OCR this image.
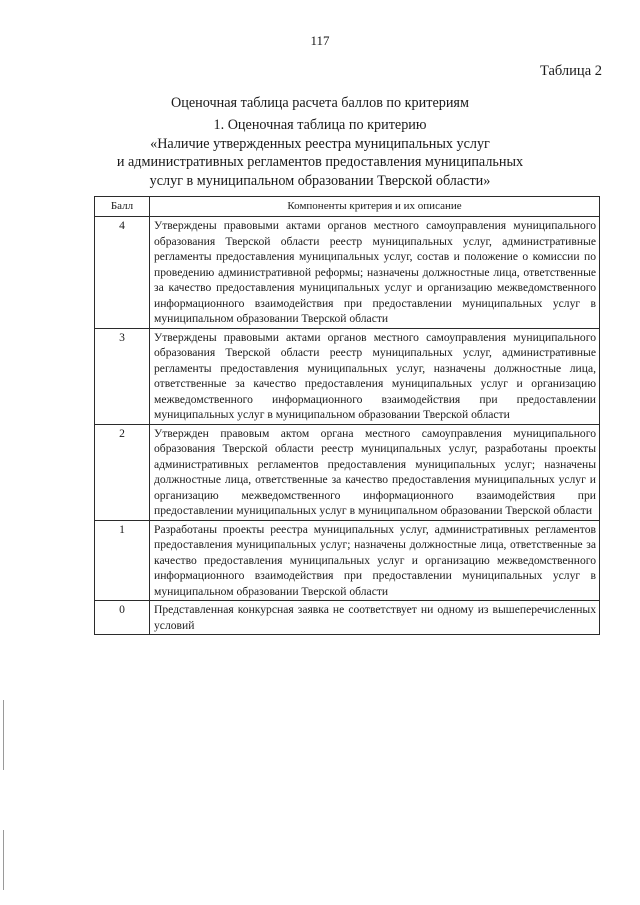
117
Таблица 2
Оценочная таблица расчета баллов по критериям
1. Оценочная таблица по критерию
«Наличие утвержденных реестра муниципальных услуг
и административных регламентов предоставления муниципальных
услуг в муниципальном образовании Тверской области»
Балл	Компоненты критерия и их описание
4	Утверждены правовыми актами органов местного самоуправления муниципального образования Тверской области реестр муниципальных услуг, административные регламенты предоставления муниципальных услуг, состав и положение о комиссии по проведению административной реформы; назначены должностные лица, ответственные за качество предоставления муниципальных услуг и организацию межведомственного информационного взаимодействия при предоставлении муниципальных услуг в муниципальном образовании Тверской области
3	Утверждены правовыми актами органов местного самоуправления муниципального образования Тверской области реестр муниципальных услуг, административные регламенты предоставления муниципальных услуг, назначены должностные лица, ответственные за качество предоставления муниципальных услуг и организацию межведомственного информационного взаимодействия при предоставлении муниципальных услуг в муниципальном образовании Тверской области
2	Утвержден правовым актом органа местного самоуправления муниципального образования Тверской области реестр муниципальных услуг, разработаны проекты административных регламентов предоставления муниципальных услуг; назначены должностные лица, ответственные за качество предоставления муниципальных услуг и организацию межведомственного информационного взаимодействия при предоставлении муниципальных услуг в муниципальном образовании Тверской области
1	Разработаны проекты реестра муниципальных услуг, административных регламентов предоставления муниципальных услуг; назначены должностные лица, ответственные за качество предоставления муниципальных услуг и организацию межведомственного информационного взаимодействия при предоставлении муниципальных услуг в муниципальном образовании Тверской области
0	Представленная конкурсная заявка не соответствует ни одному из вышеперечисленных условий
